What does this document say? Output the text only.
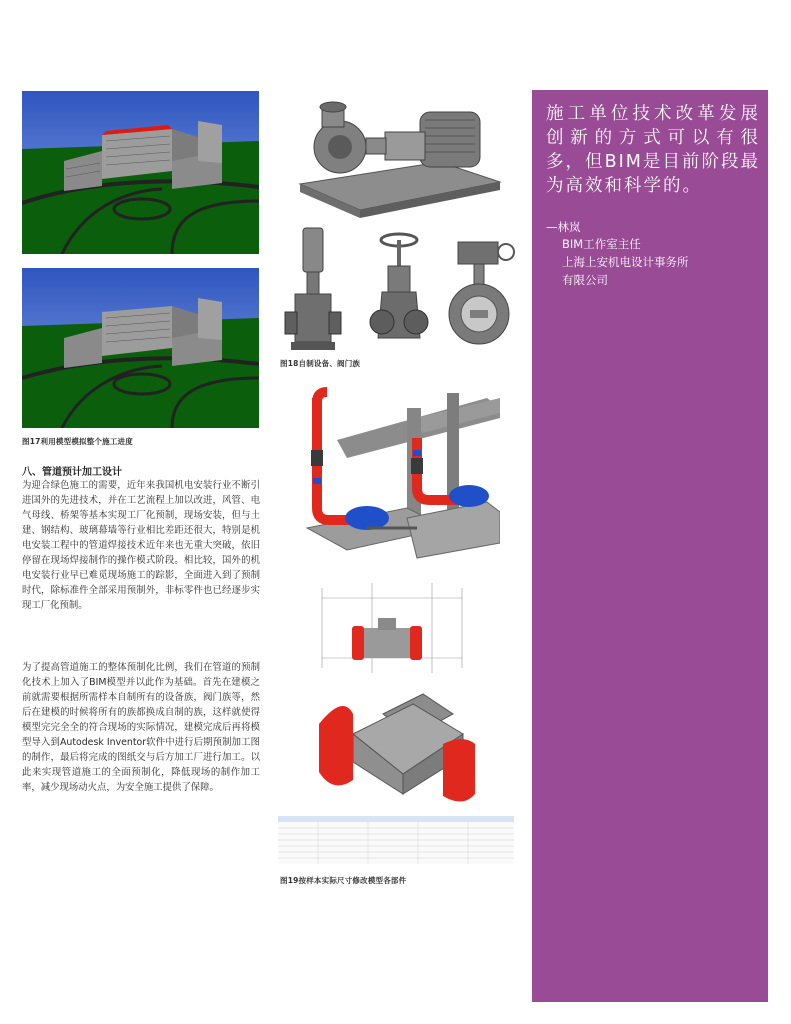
图17利用模型模拟整个施工进度
八、管道预计加工设计

为迎合绿色施工的需要，近年来我国机电安装行业不断引进国外的先进技术，并在工艺流程上加以改进，风管、电气母线、桥架等基本实现工厂化预制，现场安装，但与土建、钢结构、玻璃幕墙等行业相比差距还很大，特别是机电安装工程中的管道焊接技术近年来也无重大突破，依旧停留在现场焊接制作的操作模式阶段。相比较，国外的机电安装行业早已难觅现场施工的踪影，全面进入到了预制时代，除标准件全部采用预制外，非标零件也已经逐步实现工厂化预制。

为了提高管道施工的整体预制化比例，我们在管道的预制化技术上加入了BIM模型并以此作为基础。首先在建模之前就需要根据所需样本自制所有的设备族，阀门族等，然后在建模的时候将所有的族都换成自制的族，这样就使得模型完完全全的符合现场的实际情况，建模完成后再将模型导入到Autodesk Inventor软件中进行后期预制加工图的制作，最后将完成的图纸交与后方加工厂进行加工。以此来实现管道施工的全面预制化，降低现场的制作加工率，减少现场动火点，为安全施工提供了保障。

图18自制设备、阀门族
图19按样本实际尺寸修改模型各部件
施工单位技术改革发展创新的方式可以有很多，但BIM是目前阶段最为高效和科学的。
—林岚
BIM工作室主任
上海上安机电设计事务所
有限公司
